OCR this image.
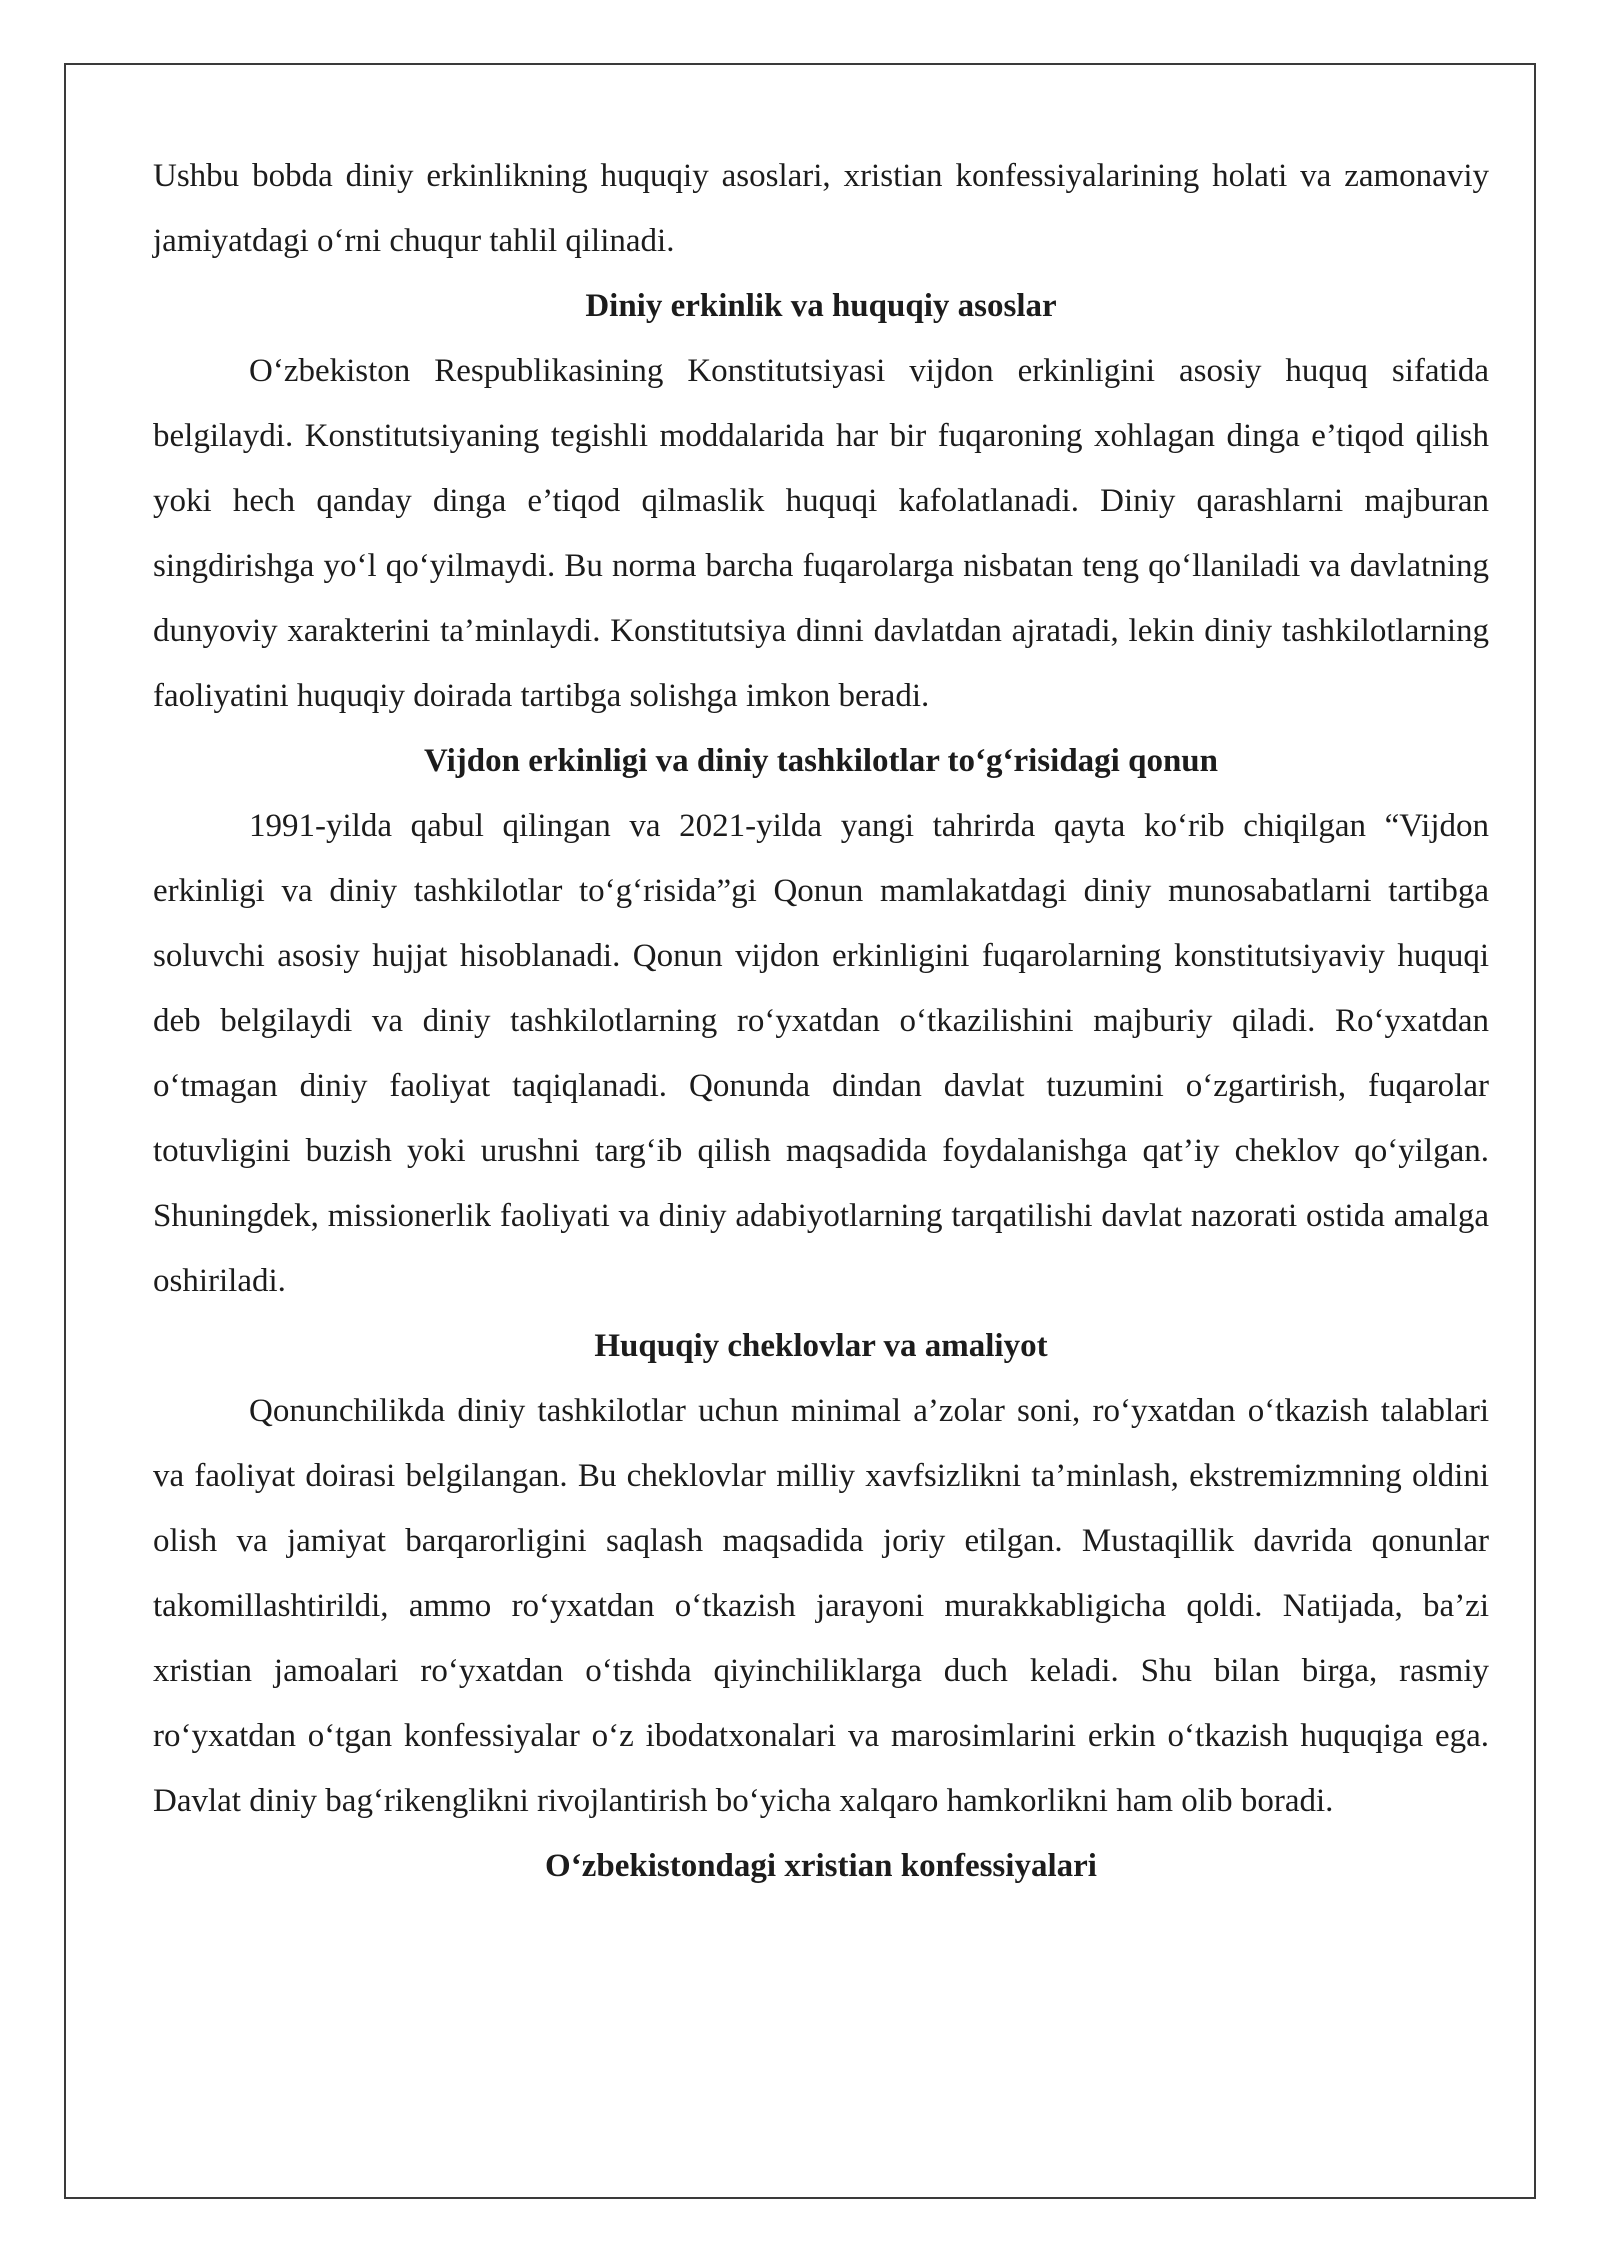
Ushbu bobda diniy erkinlikning huquqiy asoslari, xristian konfessiyalarining holati va zamonaviy jamiyatdagi o‘rni chuqur tahlil qilinadi.

Diniy erkinlik va huquqiy asoslar

O‘zbekiston Respublikasining Konstitutsiyasi vijdon erkinligini asosiy huquq sifatida belgilaydi. Konstitutsiyaning tegishli moddalarida har bir fuqaroning xohlagan dinga e’tiqod qilish yoki hech qanday dinga e’tiqod qilmaslik huquqi kafolatlanadi. Diniy qarashlarni majburan singdirishga yo‘l qo‘yilmaydi. Bu norma barcha fuqarolarga nisbatan teng qo‘llaniladi va davlatning dunyoviy xarakterini ta’minlaydi. Konstitutsiya dinni davlatdan ajratadi, lekin diniy tashkilotlarning faoliyatini huquqiy doirada tartibga solishga imkon beradi.

Vijdon erkinligi va diniy tashkilotlar to‘g‘risidagi qonun

1991-yilda qabul qilingan va 2021-yilda yangi tahrirda qayta ko‘rib chiqilgan “Vijdon erkinligi va diniy tashkilotlar to‘g‘risida”gi Qonun mamlakatdagi diniy munosabatlarni tartibga soluvchi asosiy hujjat hisoblanadi. Qonun vijdon erkinligini fuqarolarning konstitutsiyaviy huquqi deb belgilaydi va diniy tashkilotlarning ro‘yxatdan o‘tkazilishini majburiy qiladi. Ro‘yxatdan o‘tmagan diniy faoliyat taqiqlanadi. Qonunda dindan davlat tuzumini o‘zgartirish, fuqarolar totuvligini buzish yoki urushni targ‘ib qilish maqsadida foydalanishga qat’iy cheklov qo‘yilgan. Shuningdek, missionerlik faoliyati va diniy adabiyotlarning tarqatilishi davlat nazorati ostida amalga oshiriladi.

Huquqiy cheklovlar va amaliyot

Qonunchilikda diniy tashkilotlar uchun minimal a’zolar soni, ro‘yxatdan o‘tkazish talablari va faoliyat doirasi belgilangan. Bu cheklovlar milliy xavfsizlikni ta’minlash, ekstremizmning oldini olish va jamiyat barqarorligini saqlash maqsadida joriy etilgan. Mustaqillik davrida qonunlar takomillashtirildi, ammo ro‘yxatdan o‘tkazish jarayoni murakkabligicha qoldi. Natijada, ba’zi xristian jamoalari ro‘yxatdan o‘tishda qiyinchiliklarga duch keladi. Shu bilan birga, rasmiy ro‘yxatdan o‘tgan konfessiyalar o‘z ibodatxonalari va marosimlarini erkin o‘tkazish huquqiga ega. Davlat diniy bag‘rikenglikni rivojlantirish bo‘yicha xalqaro hamkorlikni ham olib boradi.

O‘zbekistondagi xristian konfessiyalari
